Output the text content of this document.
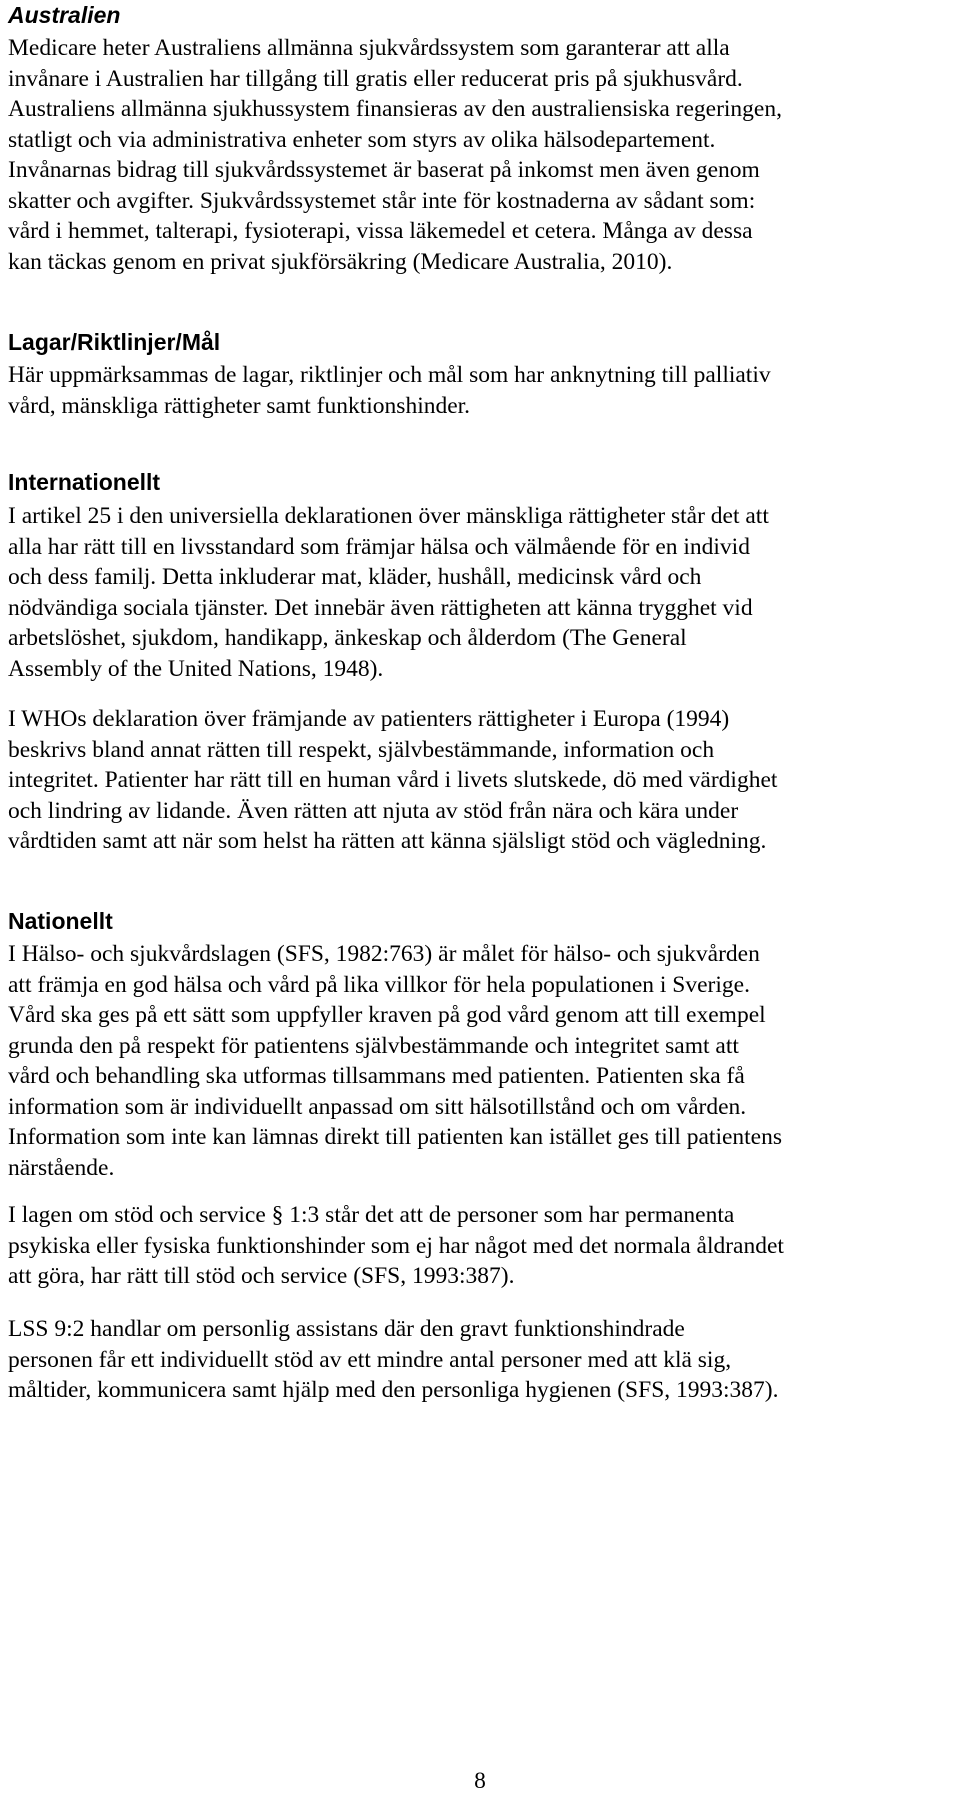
Australien

Medicare heter Australiens allmänna sjukvårdssystem som garanterar att alla
invånare i Australien har tillgång till gratis eller reducerat pris på sjukhusvård.
Australiens allmänna sjukhussystem finansieras av den australiensiska regeringen,
statligt och via administrativa enheter som styrs av olika hälsodepartement.
Invånarnas bidrag till sjukvårdssystemet är baserat på inkomst men även genom
skatter och avgifter. Sjukvårdssystemet står inte för kostnaderna av sådant som:
vård i hemmet, talterapi, fysioterapi, vissa läkemedel et cetera. Många av dessa
kan täckas genom en privat sjukförsäkring (Medicare Australia, 2010).

Lagar/Riktlinjer/Mål

Här uppmärksammas de lagar, riktlinjer och mål som har anknytning till palliativ
vård, mänskliga rättigheter samt funktionshinder.

Internationellt

I artikel 25 i den universiella deklarationen över mänskliga rättigheter står det att
alla har rätt till en livsstandard som främjar hälsa och välmående för en individ
och dess familj. Detta inkluderar mat, kläder, hushåll, medicinsk vård och
nödvändiga sociala tjänster. Det innebär även rättigheten att känna trygghet vid
arbetslöshet, sjukdom, handikapp, änkeskap och ålderdom (The General
Assembly of the United Nations, 1948).

I WHOs deklaration över främjande av patienters rättigheter i Europa (1994)
beskrivs bland annat rätten till respekt, självbestämmande, information och
integritet. Patienter har rätt till en human vård i livets slutskede, dö med värdighet
och lindring av lidande. Även rätten att njuta av stöd från nära och kära under
vårdtiden samt att när som helst ha rätten att känna själsligt stöd och vägledning.

Nationellt

I Hälso- och sjukvårdslagen (SFS, 1982:763) är målet för hälso- och sjukvården
att främja en god hälsa och vård på lika villkor för hela populationen i Sverige.
Vård ska ges på ett sätt som uppfyller kraven på god vård genom att till exempel
grunda den på respekt för patientens självbestämmande och integritet samt att
vård och behandling ska utformas tillsammans med patienten. Patienten ska få
information som är individuellt anpassad om sitt hälsotillstånd och om vården.
Information som inte kan lämnas direkt till patienten kan istället ges till patientens
närstående.

I lagen om stöd och service § 1:3 står det att de personer som har permanenta
psykiska eller fysiska funktionshinder som ej har något med det normala åldrandet
att göra, har rätt till stöd och service (SFS, 1993:387).

LSS 9:2 handlar om personlig assistans där den gravt funktionshindrade
personen får ett individuellt stöd av ett mindre antal personer med att klä sig,
måltider, kommunicera samt hjälp med den personliga hygienen (SFS, 1993:387).

8
